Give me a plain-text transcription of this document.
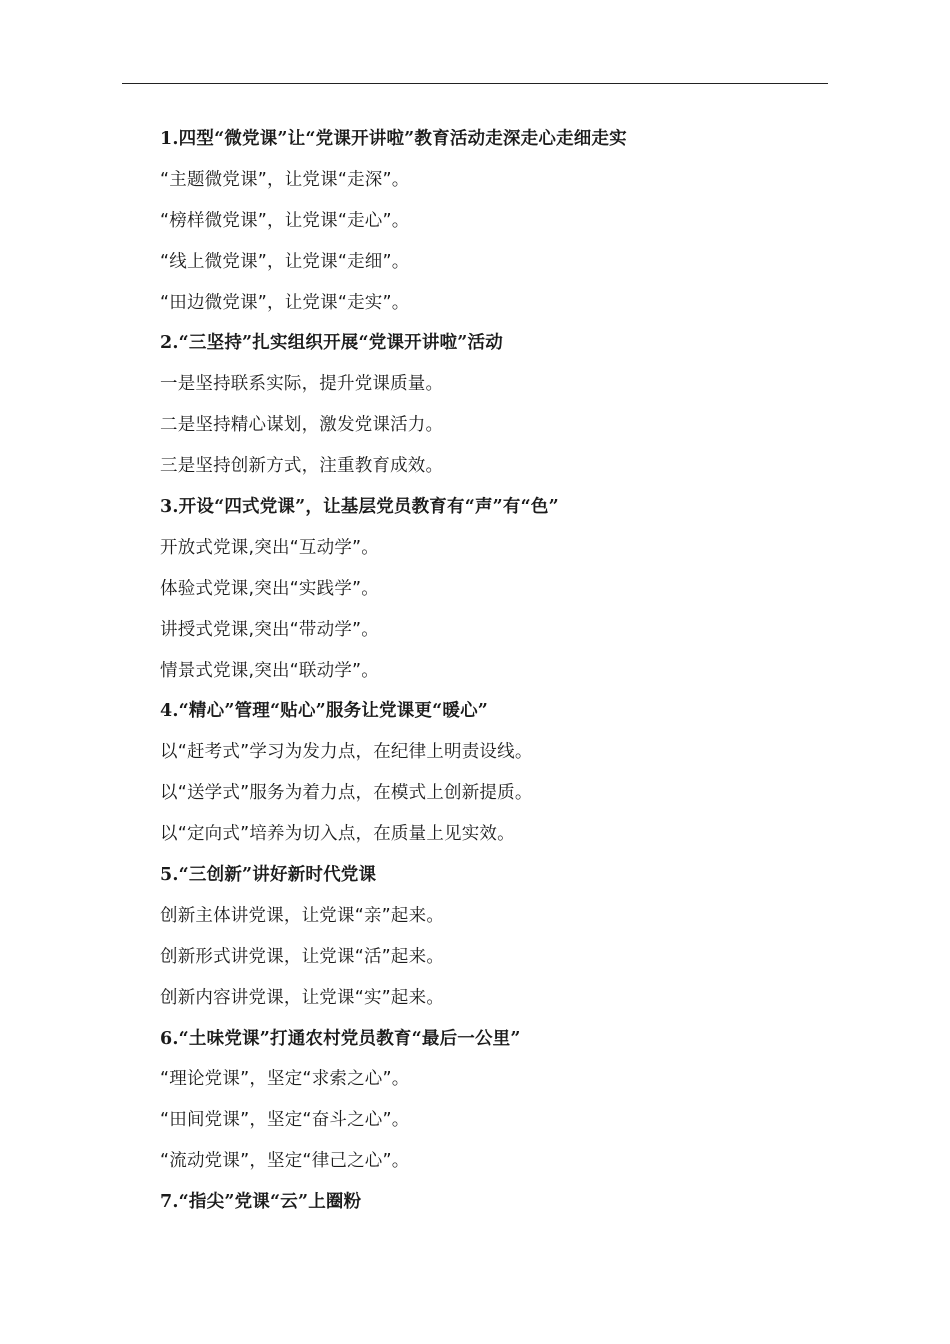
1.四型“微党课”让“党课开讲啦”教育活动走深走心走细走实
“主题微党课”，让党课“走深”。
“榜样微党课”，让党课“走心”。
“线上微党课”，让党课“走细”。
“田边微党课”，让党课“走实”。
2.“三坚持”扎实组织开展“党课开讲啦”活动
一是坚持联系实际，提升党课质量。
二是坚持精心谋划，激发党课活力。
三是坚持创新方式，注重教育成效。
3.开设“四式党课”，让基层党员教育有“声”有“色”
开放式党课,突出“互动学”。
体验式党课,突出“实践学”。
讲授式党课,突出“带动学”。
情景式党课,突出“联动学”。
4.“精心”管理“贴心”服务让党课更“暖心”
以“赶考式”学习为发力点，在纪律上明责设线。
以“送学式”服务为着力点，在模式上创新提质。
以“定向式”培养为切入点，在质量上见实效。
5.“三创新”讲好新时代党课
创新主体讲党课，让党课“亲”起来。
创新形式讲党课，让党课“活”起来。
创新内容讲党课，让党课“实”起来。
6.“土味党课”打通农村党员教育“最后一公里”
“理论党课”，坚定“求索之心”。
“田间党课”，坚定“奋斗之心”。
“流动党课”，坚定“律己之心”。
7.“指尖”党课“云”上圈粉
